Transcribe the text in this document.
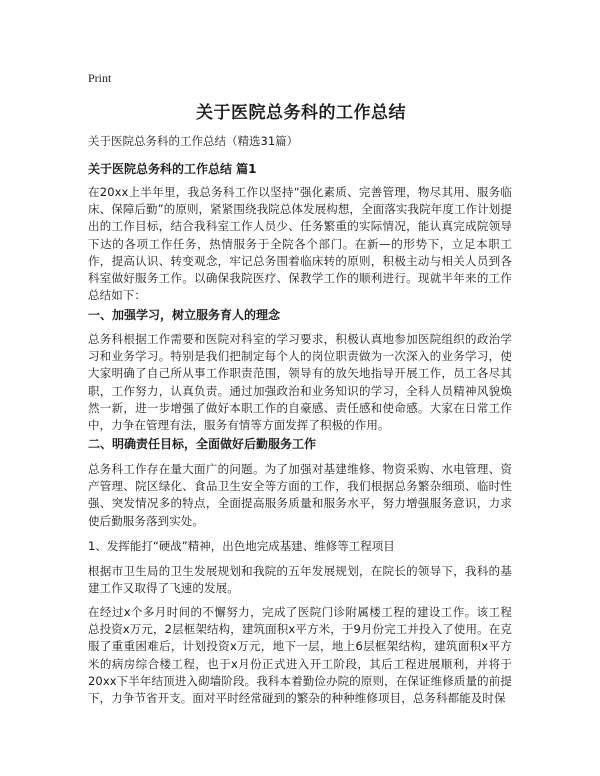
Print
关于医院总务科的工作总结
关于医院总务科的工作总结（精选31篇）
关于医院总务科的工作总结 篇1
在20xx上半年里，我总务科工作以坚持“强化素质、完善管理，物尽其用、服务临床、保障后勤”的原则，紧紧围绕我院总体发展构想，全面落实我院年度工作计划提出的工作目标，结合我科室工作人员少、任务繁重的实际情况，能认真完成院领导下达的各项工作任务，热情服务于全院各个部门。在新—的形势下，立足本职工作，提高认识、转变观念，牢记总务围着临床转的原则，积极主动与相关人员到各科室做好服务工作。以确保我院医疗、保教学工作的顺利进行。现就半年来的工作总结如下：
一、加强学习，树立服务育人的理念
总务科根据工作需要和医院对科室的学习要求，积极认真地参加医院组织的政治学习和业务学习。特别是我们把制定每个人的岗位职责做为一次深入的业务学习，使大家明确了自己所从事工作职责范围，领导有的放矢地指导开展工作，员工各尽其职，工作努力，认真负责。通过加强政治和业务知识的学习，全科人员精神风貌焕然一新，进一步增强了做好本职工作的自豪感、责任感和使命感。大家在日常工作中，力争在管理有法，服务有情等方面发挥了积极的作用。
二、明确责任目标，全面做好后勤服务工作
总务科工作存在量大面广的问题。为了加强对基建维修、物资采购、水电管理、资产管理、院区绿化、食品卫生安全等方面的工作，我们根据总务繁杂细琐、临时性强、突发情况多的特点，全面提高服务质量和服务水平，努力增强服务意识，力求使后勤服务落到实处。
1、发挥能打“硬战”精神，出色地完成基建、维修等工程项目
根据市卫生局的卫生发展规划和我院的五年发展规划，在院长的领导下，我科的基建工作又取得了飞速的发展。
在经过x个多月时间的不懈努力，完成了医院门诊附属楼工程的建设工作。该工程总投资x万元，2层框架结构，建筑面积x平方米，于9月份完工并投入了使用。在克服了重重困难后，计划投资x万元，地下一层，地上6层框架结构，建筑面积x平方米的病房综合楼工程，也于x月份正式进入开工阶段，其后工程进展顺利，并将于20xx下半年结顶进入砌墙阶段。我科本着勤俭办院的原则，在保证维修质量的前提下，力争节省开支。面对平时经常碰到的繁杂的种种维修项目，总务科都能及时保
